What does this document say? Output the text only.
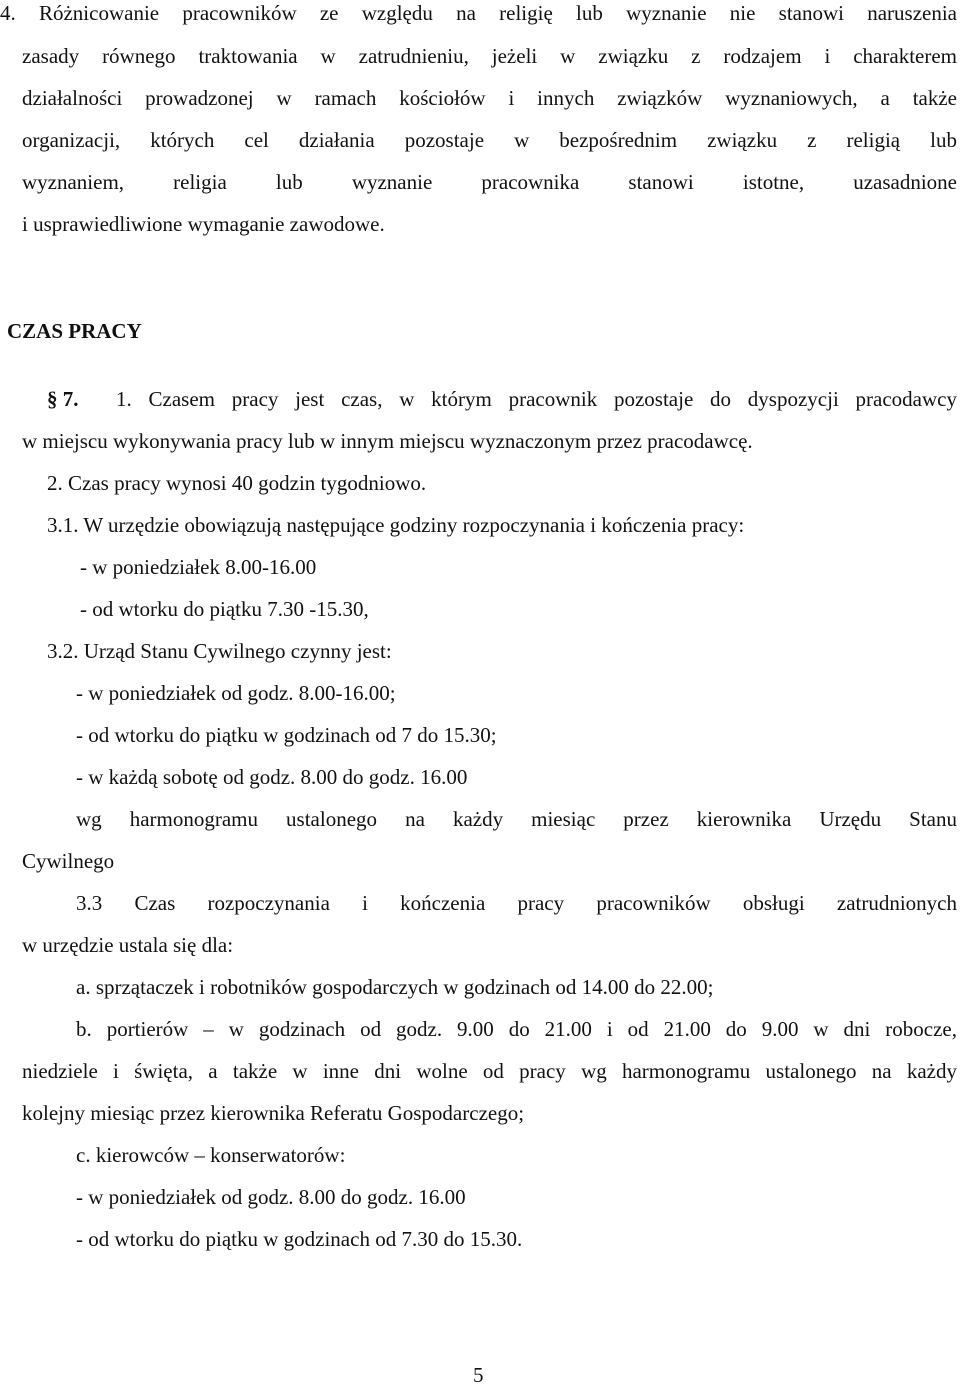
4. Różnicowanie pracowników ze względu na religię lub wyznanie nie stanowi naruszenia
zasady równego traktowania w zatrudnieniu, jeżeli w związku z rodzajem i charakterem
działalności prowadzonej w ramach kościołów i innych związków wyznaniowych, a także
organizacji, których cel działania pozostaje w bezpośrednim związku z religią lub
wyznaniem, religia lub wyznanie pracownika stanowi istotne, uzasadnione
i usprawiedliwione wymaganie zawodowe.
CZAS PRACY
§ 7. 1. Czasem pracy jest czas, w którym pracownik pozostaje do dyspozycji pracodawcy
w miejscu wykonywania pracy lub w innym miejscu wyznaczonym przez pracodawcę.
2. Czas pracy wynosi 40 godzin tygodniowo.
3.1. W urzędzie obowiązują następujące godziny rozpoczynania i kończenia pracy:
- w poniedziałek 8.00-16.00
- od wtorku do piątku 7.30 -15.30,
3.2. Urząd Stanu Cywilnego czynny jest:
- w poniedziałek od godz. 8.00-16.00;
- od wtorku do piątku w godzinach od 7 do 15.30;
- w każdą sobotę od godz. 8.00 do godz. 16.00
wg harmonogramu ustalonego na każdy miesiąc przez kierownika Urzędu Stanu
Cywilnego
3.3 Czas rozpoczynania i kończenia pracy pracowników obsługi zatrudnionych
w urzędzie ustala się dla:
a. sprzątaczek i robotników gospodarczych w godzinach od 14.00 do 22.00;
b. portierów – w godzinach od godz. 9.00 do 21.00 i od 21.00 do 9.00 w dni robocze,
niedziele i święta, a także w inne dni wolne od pracy wg harmonogramu ustalonego na każdy
kolejny miesiąc przez kierownika Referatu Gospodarczego;
c. kierowców – konserwatorów:
- w poniedziałek od godz. 8.00 do godz. 16.00
- od wtorku do piątku w godzinach od 7.30 do 15.30.
5
